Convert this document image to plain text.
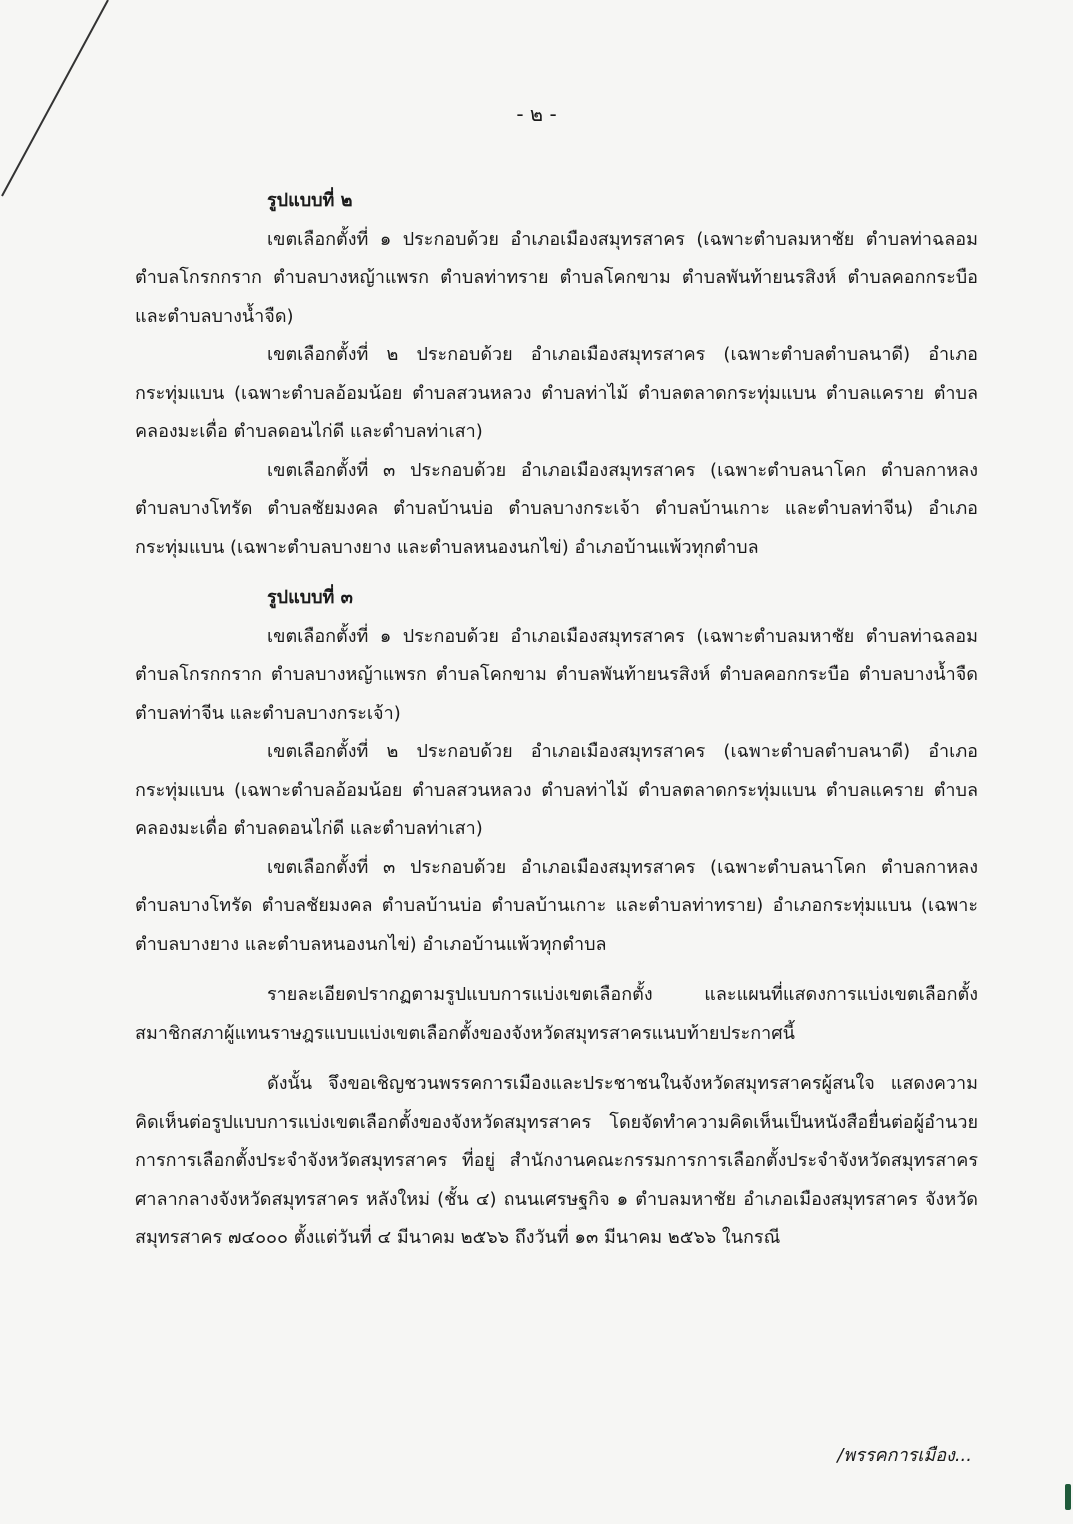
- ๒ -

รูปแบบที่ ๒

เขตเลือกตั้งที่ ๑ ประกอบด้วย อำเภอเมืองสมุทรสาคร (เฉพาะตำบลมหาชัย ตำบลท่าฉลอม ตำบลโกรกกราก ตำบลบางหญ้าแพรก ตำบลท่าทราย ตำบลโคกขาม ตำบลพันท้ายนรสิงห์ ตำบลคอกกระบือ และตำบลบางน้ำจืด)

เขตเลือกตั้งที่ ๒ ประกอบด้วย อำเภอเมืองสมุทรสาคร (เฉพาะตำบลตำบลนาดี) อำเภอกระทุ่มแบน (เฉพาะตำบลอ้อมน้อย ตำบลสวนหลวง ตำบลท่าไม้ ตำบลตลาดกระทุ่มแบน ตำบลแคราย ตำบลคลองมะเดื่อ ตำบลดอนไก่ดี และตำบลท่าเสา)

เขตเลือกตั้งที่ ๓ ประกอบด้วย อำเภอเมืองสมุทรสาคร (เฉพาะตำบลนาโคก ตำบลกาหลง ตำบลบางโทรัด ตำบลชัยมงคล ตำบลบ้านบ่อ ตำบลบางกระเจ้า ตำบลบ้านเกาะ และตำบลท่าจีน) อำเภอกระทุ่มแบน (เฉพาะตำบลบางยาง และตำบลหนองนกไข่) อำเภอบ้านแพ้วทุกตำบล

รูปแบบที่ ๓

เขตเลือกตั้งที่ ๑ ประกอบด้วย อำเภอเมืองสมุทรสาคร (เฉพาะตำบลมหาชัย ตำบลท่าฉลอม ตำบลโกรกกราก ตำบลบางหญ้าแพรก ตำบลโคกขาม ตำบลพันท้ายนรสิงห์ ตำบลคอกกระบือ ตำบลบางน้ำจืด ตำบลท่าจีน และตำบลบางกระเจ้า)

เขตเลือกตั้งที่ ๒ ประกอบด้วย อำเภอเมืองสมุทรสาคร (เฉพาะตำบลตำบลนาดี) อำเภอกระทุ่มแบน (เฉพาะตำบลอ้อมน้อย ตำบลสวนหลวง ตำบลท่าไม้ ตำบลตลาดกระทุ่มแบน ตำบลแคราย ตำบลคลองมะเดื่อ ตำบลดอนไก่ดี และตำบลท่าเสา)

เขตเลือกตั้งที่ ๓ ประกอบด้วย อำเภอเมืองสมุทรสาคร (เฉพาะตำบลนาโคก ตำบลกาหลง ตำบลบางโทรัด ตำบลชัยมงคล ตำบลบ้านบ่อ ตำบลบ้านเกาะ และตำบลท่าทราย) อำเภอกระทุ่มแบน (เฉพาะตำบลบางยาง และตำบลหนองนกไข่) อำเภอบ้านแพ้วทุกตำบล

รายละเอียดปรากฏตามรูปแบบการแบ่งเขตเลือกตั้ง และแผนที่แสดงการแบ่งเขตเลือกตั้งสมาชิกสภาผู้แทนราษฎรแบบแบ่งเขตเลือกตั้งของจังหวัดสมุทรสาครแนบท้ายประกาศนี้

ดังนั้น จึงขอเชิญชวนพรรคการเมืองและประชาชนในจังหวัดสมุทรสาครผู้สนใจ แสดงความคิดเห็นต่อรูปแบบการแบ่งเขตเลือกตั้งของจังหวัดสมุทรสาคร โดยจัดทำความคิดเห็นเป็นหนังสือยื่นต่อผู้อำนวยการการเลือกตั้งประจำจังหวัดสมุทรสาคร ที่อยู่ สำนักงานคณะกรรมการการเลือกตั้งประจำจังหวัดสมุทรสาคร ศาลากลางจังหวัดสมุทรสาคร หลังใหม่ (ชั้น ๔) ถนนเศรษฐกิจ ๑ ตำบลมหาชัย อำเภอเมืองสมุทรสาคร จังหวัดสมุทรสาคร ๗๔๐๐๐ ตั้งแต่วันที่ ๔ มีนาคม ๒๕๖๖ ถึงวันที่ ๑๓ มีนาคม ๒๕๖๖ ในกรณี

/พรรคการเมือง...
